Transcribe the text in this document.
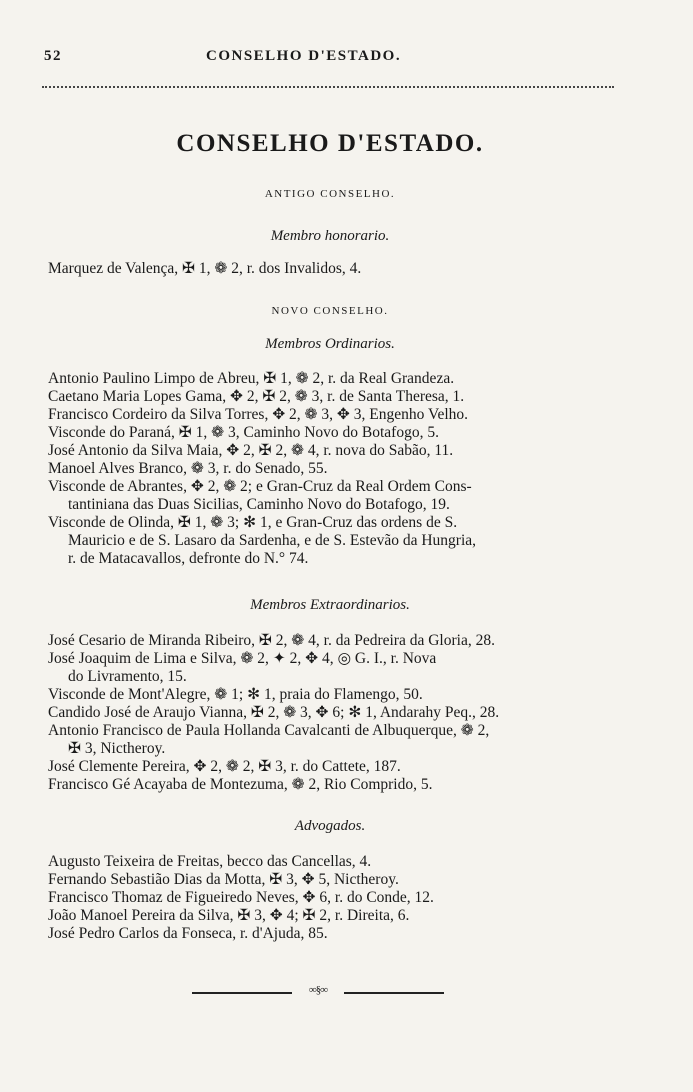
52	CONSELHO D'ESTADO.
CONSELHO D'ESTADO.
ANTIGO CONSELHO.
Membro honorario.
Marquez de Valença, ✠ 1, ❁ 2, r. dos Invalidos, 4.
NOVO CONSELHO.
Membros Ordinarios.
Antonio Paulino Limpo de Abreu, ✠ 1, ❁ 2, r. da Real Grandeza.
Caetano Maria Lopes Gama, ✥ 2, ✠ 2, ❁ 3, r. de Santa Theresa, 1.
Francisco Cordeiro da Silva Torres, ✥ 2, ❁ 3, ✥ 3, Engenho Velho.
Visconde do Paraná, ✠ 1, ❁ 3, Caminho Novo do Botafogo, 5.
José Antonio da Silva Maia, ✥ 2, ✠ 2, ❁ 4, r. nova do Sabão, 11.
Manoel Alves Branco, ❁ 3, r. do Senado, 55.
Visconde de Abrantes, ✥ 2, ❁ 2; e Gran-Cruz da Real Ordem Cons-
tantiniana das Duas Sicilias, Caminho Novo do Botafogo, 19.
Visconde de Olinda, ✠ 1, ❁ 3; ✻ 1, e Gran-Cruz das ordens de S.
Mauricio e de S. Lasaro da Sardenha, e de S. Estevão da Hungria,
r. de Matacavallos, defronte do N.° 74.
Membros Extraordinarios.
José Cesario de Miranda Ribeiro, ✠ 2, ❁ 4, r. da Pedreira da Gloria, 28.
José Joaquim de Lima e Silva, ❁ 2, ✦ 2, ✥ 4, ◎ G. I., r. Nova
do Livramento, 15.
Visconde de Mont'Alegre, ❁ 1; ✻ 1, praia do Flamengo, 50.
Candido José de Araujo Vianna, ✠ 2, ❁ 3, ✥ 6; ✻ 1, Andarahy Peq., 28.
Antonio Francisco de Paula Hollanda Cavalcanti de Albuquerque, ❁ 2,
✠ 3, Nictheroy.
José Clemente Pereira, ✥ 2, ❁ 2, ✠ 3, r. do Cattete, 187.
Francisco Gé Acayaba de Montezuma, ❁ 2, Rio Comprido, 5.
Advogados.
Augusto Teixeira de Freitas, becco das Cancellas, 4.
Fernando Sebastião Dias da Motta, ✠ 3, ✥ 5, Nictheroy.
Francisco Thomaz de Figueiredo Neves, ✥ 6, r. do Conde, 12.
João Manoel Pereira da Silva, ✠ 3, ✥ 4; ✠ 2, r. Direita, 6.
José Pedro Carlos da Fonseca, r. d'Ajuda, 85.
∞§∞
